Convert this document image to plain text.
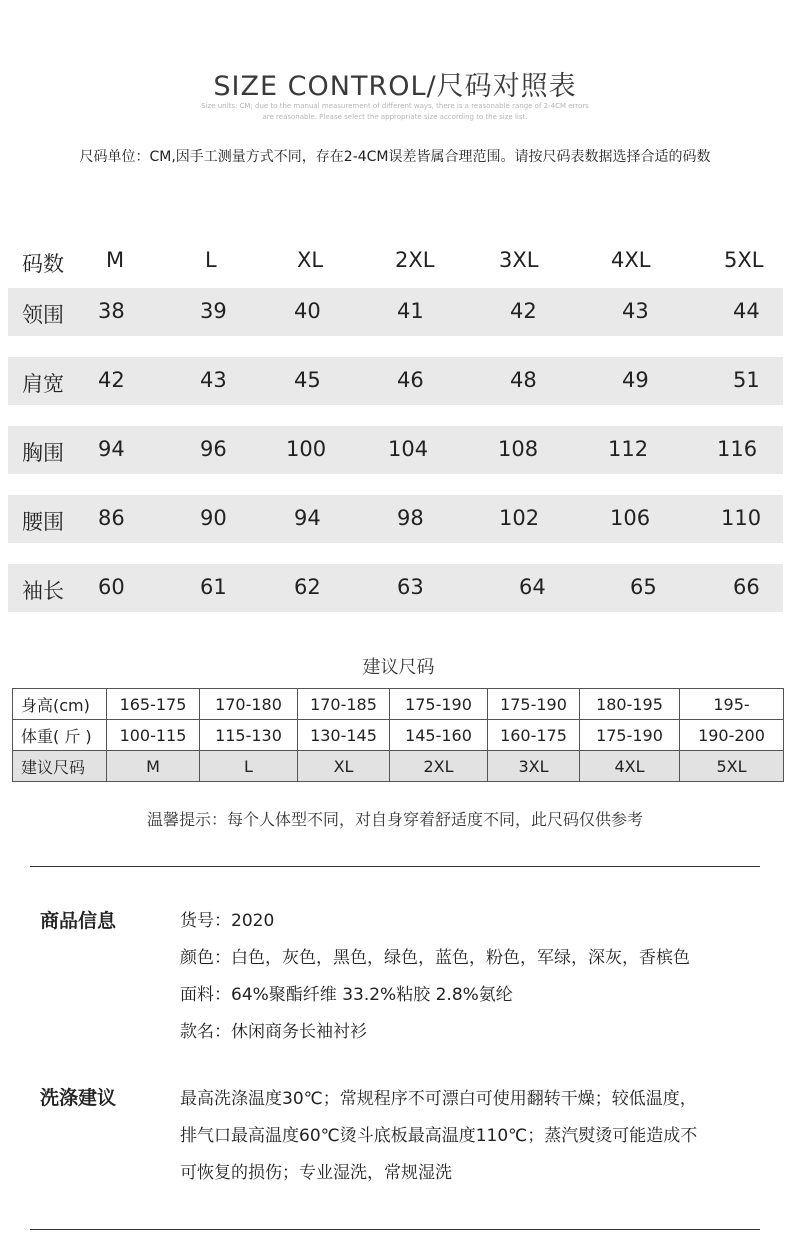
SIZE CONTROL/尺码对照表
Size units: CM; due to the manual measurement of different ways, there is a reasonable range of 2-4CM errors
are reasonable. Please select the appropriate size according to the size list.
尺码单位：CM,因手工测量方式不同，存在2-4CM误差皆属合理范围。请按尺码表数据选择合适的码数
码数 M	L	XL	2XL	3XL	4XL	5XL
领围 38	39	40	41	42	43	44
肩宽 42	43	45	46	48	49	51
胸围 94	96	100	104	108	112	116
腰围 86	90	94	98	102	106	110
袖长 60	61	62	63	64	65	66
建议尺码
身高(cm)	165-175	170-180	170-185	175-190	175-190	180-195	195-
体重( 斤 )	100-115	115-130	130-145	145-160	160-175	175-190	190-200
建议尺码	M	L	XL	2XL	3XL	4XL	5XL
温馨提示：每个人体型不同，对自身穿着舒适度不同，此尺码仅供参考
商品信息	货号：2020
颜色：白色，灰色，黑色，绿色，蓝色，粉色，军绿，深灰，香槟色
面料：64%聚酯纤维 33.2%粘胶 2.8%氨纶
款名：休闲商务长袖衬衫
洗涤建议	最高洗涤温度30℃；常规程序不可漂白可使用翻转干燥；较低温度，
排气口最高温度60℃烫斗底板最高温度110℃；蒸汽熨烫可能造成不
可恢复的损伤；专业湿洗，常规湿洗
